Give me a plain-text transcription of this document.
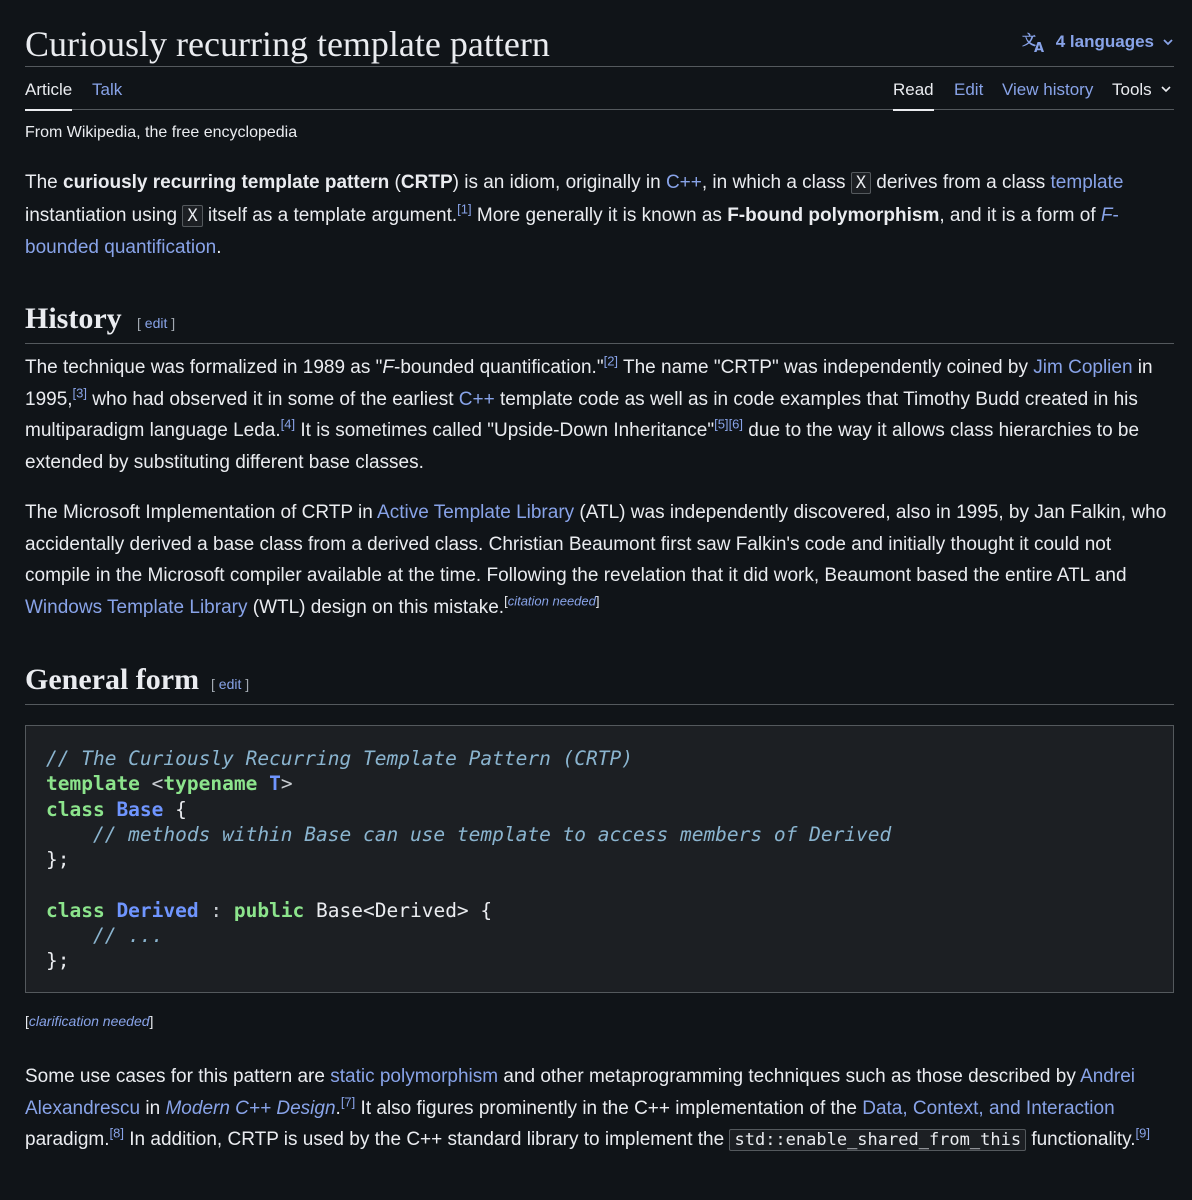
Curiously recurring template pattern	文
A 4 languages
Article Talk	Read Edit View history Tools
From Wikipedia, the free encyclopedia

The curiously recurring template pattern (CRTP) is an idiom, originally in C++, in which a class X derives from a class template instantiation using X itself as a template argument.[1] More generally it is known as F-bound polymorphism, and it is a form of F-bounded quantification.

History [ edit ]

The technique was formalized in 1989 as "F-bounded quantification."[2] The name "CRTP" was independently coined by Jim Coplien in 1995,[3] who had observed it in some of the earliest C++ template code as well as in code examples that Timothy Budd created in his multiparadigm language Leda.[4] It is sometimes called "Upside-Down Inheritance"[5][6] due to the way it allows class hierarchies to be extended by substituting different base classes.

The Microsoft Implementation of CRTP in Active Template Library (ATL) was independently discovered, also in 1995, by Jan Falkin, who accidentally derived a base class from a derived class. Christian Beaumont first saw Falkin's code and initially thought it could not compile in the Microsoft compiler available at the time. Following the revelation that it did work, Beaumont based the entire ATL and Windows Template Library (WTL) design on this mistake.[citation needed]

General form [ edit ]
// The Curiously Recurring Template Pattern (CRTP)
template <typename T>
class Base {
// methods within Base can use template to access members of Derived
};

class Derived : public Base<Derived> {
// ...
};
[clarification needed]

Some use cases for this pattern are static polymorphism and other metaprogramming techniques such as those described by Andrei Alexandrescu in Modern C++ Design.[7] It also figures prominently in the C++ implementation of the Data, Context, and Interaction paradigm.[8] In addition, CRTP is used by the C++ standard library to implement the std::enable_shared_from_this functionality.[9]
